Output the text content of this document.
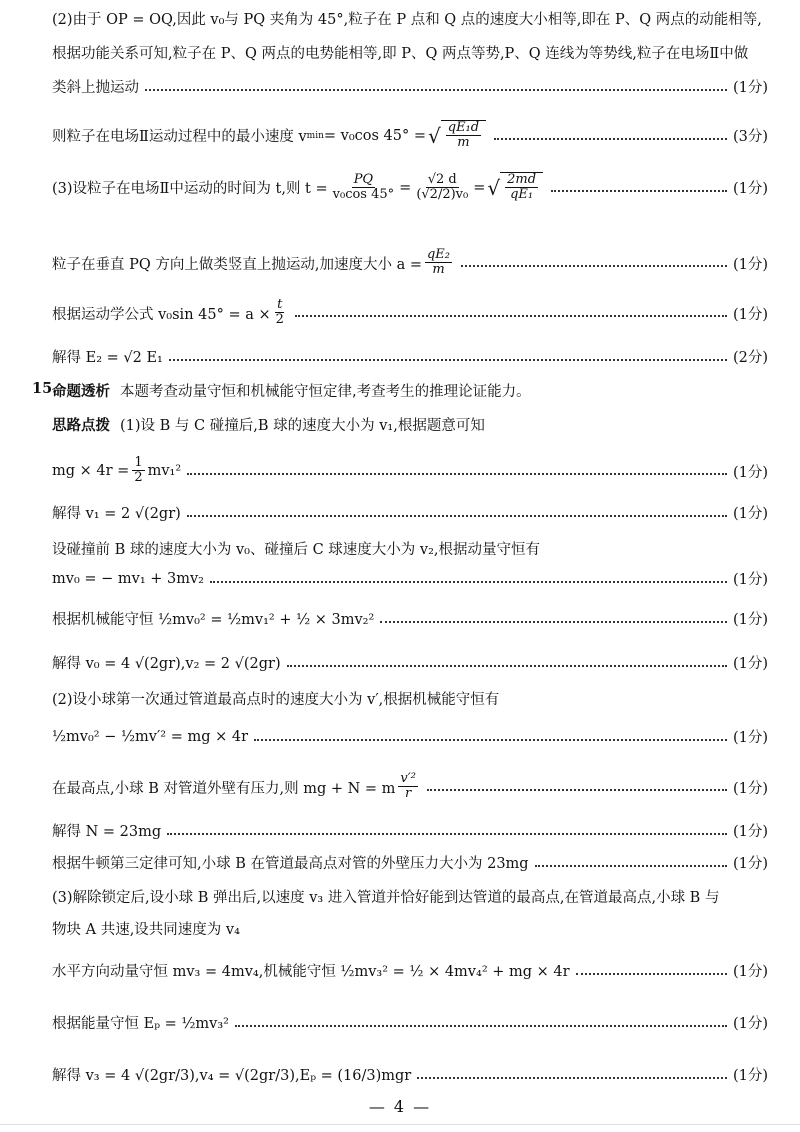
(2)由于 OP = OQ,因此 v₀与 PQ 夹角为 45°,粒子在 P 点和 Q 点的速度大小相等,即在 P、Q 两点的动能相等,
根据功能关系可知,粒子在 P、Q 两点的电势能相等,即 P、Q 两点等势,P、Q 连线为等势线,粒子在电场Ⅱ中做
类斜上抛运动	(1分)
则粒子在电场Ⅱ运动过程中的最小速度 v min = v₀cos 45° = √ $\frac{\text{qE₁d}}{m}$	(3分)
(3)设粒子在电场Ⅱ中运动的时间为 t,则 $t = \frac{PQ}{\text{v₀cos 45°}} = \frac{√2 d}{\text{(√2/2)v₀}}$ = √ $\frac{2md}{\text{qE₁}}$	(1分)
粒子在垂直 PQ 方向上做类竖直上抛运动,加速度大小 $a = \frac{\text{qE₂}}{m}$	(1分)
根据运动学公式 v₀sin $45^\circ = a \times \frac{t}{2}$	(1分)
解得 E₂ = √2 E₁	(2分)
15.
命题透析 本题考查动量守恒和机械能守恒定律,考查考生的推理论证能力。
思路点拨 (1)设 B 与 C 碰撞后,B 球的速度大小为 v₁,根据题意可知
mg × $4r = \frac{1}{2} mv_1^2$	(1分)
解得 v₁ = 2 √(2gr)	(1分)
设碰撞前 B 球的速度大小为 v₀、碰撞后 C 球速度大小为 v₂,根据动量守恒有
mv₀ = − mv₁ + 3mv₂	(1分)
根据机械能守恒 ½mv₀² = ½mv₁² + ½ × 3mv₂²	(1分)
解得 v₀ = 4 √(2gr),v₂ = 2 √(2gr)	(1分)
(2)设小球第一次通过管道最高点时的速度大小为 v′,根据机械能守恒有
½mv₀² − ½mv′² = mg × 4r	(1分)
在最高点,小球 B 对管道外壁有压力,则 mg + N = m $\frac{\text{v′²}}{r}$	(1分)
解得 N = 23mg	(1分)
根据牛顿第三定律可知,小球 B 在管道最高点对管的外壁压力大小为 23mg	(1分)
(3)解除锁定后,设小球 B 弹出后,以速度 v₃ 进入管道并恰好能到达管道的最高点,在管道最高点,小球 B 与
物块 A 共速,设共同速度为 v₄
水平方向动量守恒 mv₃ = 4mv₄,机械能守恒 ½mv₃² = ½ × 4mv₄² + mg × 4r	(1分)
根据能量守恒 Eₚ = ½mv₃²	(1分)
解得 v₃ = 4 √(2gr/3),v₄ = √(2gr/3),Eₚ = (16/3)mgr	(1分)
— 4 —
